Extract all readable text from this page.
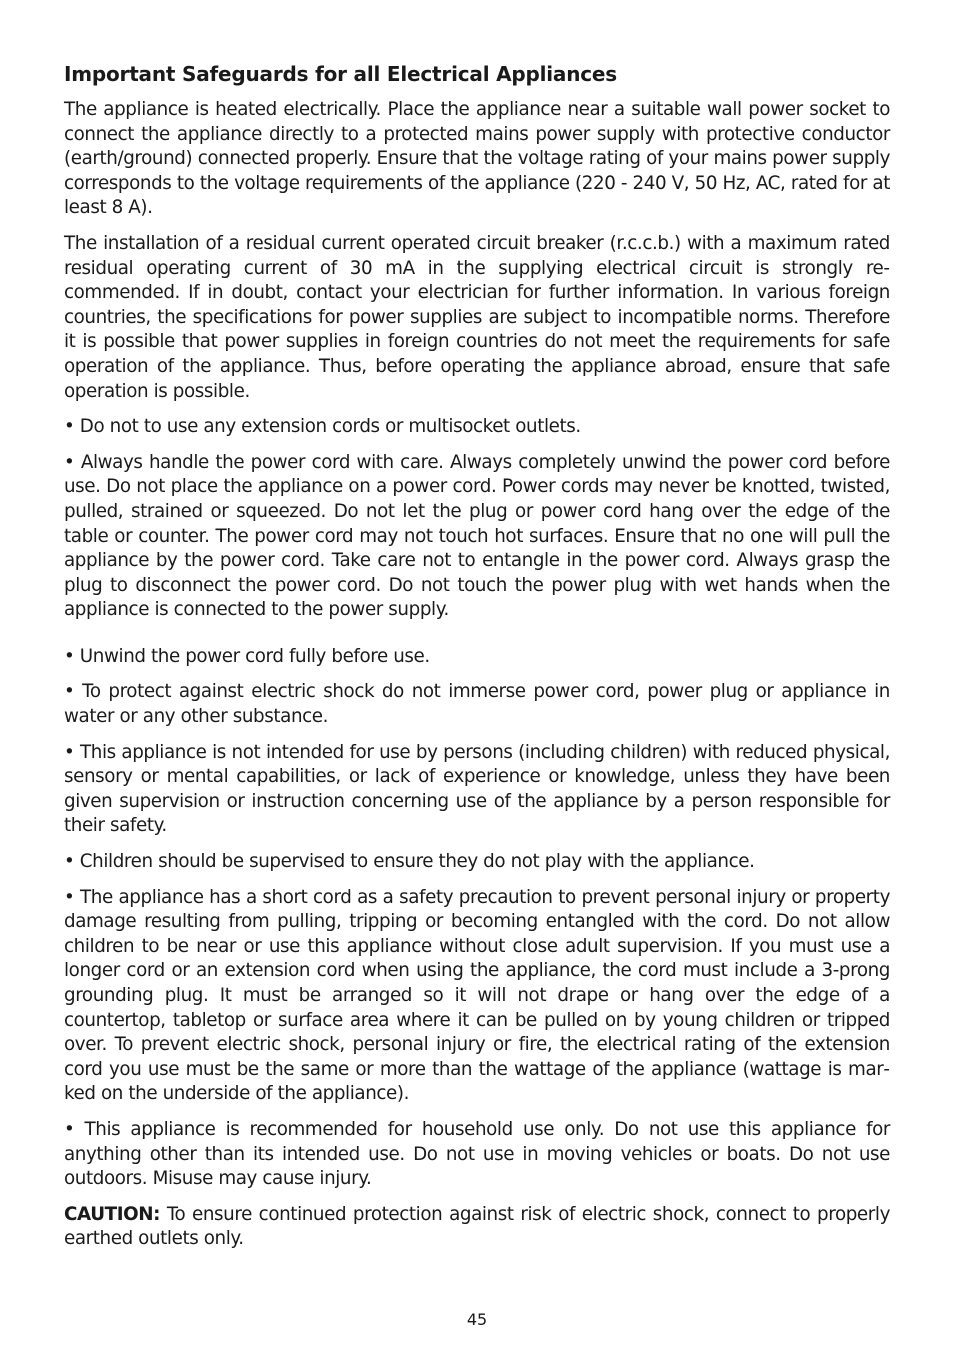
Important Safeguards for all Electrical Appliances

The appliance is heated electrically. Place the appliance near a suitable wall power socket to connect the appliance directly to a protected mains power supply with protective conductor (earth/ground) connected properly. Ensure that the voltage rating of your mains power supply corresponds to the voltage requirements of the appliance (220 - 240 V, 50 Hz, AC, rated for at least 8 A).

The installation of a residual current operated circuit breaker (r.c.c.b.) with a maximum rated residual operating current of 30 mA in the supplying electrical circuit is strongly recommended. If in doubt, contact your electrician for further information. In various foreign countries, the specifications for power supplies are subject to incompatible norms. Therefore it is possible that power supplies in foreign countries do not meet the requirements for safe operation of the appliance. Thus, before operating the appliance abroad, ensure that safe operation is possible.

• Do not to use any extension cords or multisocket outlets.

• Always handle the power cord with care. Always completely unwind the power cord before use. Do not place the appliance on a power cord. Power cords may never be knotted, twisted, pulled, strained or squeezed. Do not let the plug or power cord hang over the edge of the table or counter. The power cord may not touch hot surfaces. Ensure that no one will pull the appliance by the power cord. Take care not to entangle in the power cord. Always grasp the plug to disconnect the power cord. Do not touch the power plug with wet hands when the appliance is connected to the power supply.

• Unwind the power cord fully before use.

• To protect against electric shock do not immerse power cord, power plug or appliance in water or any other substance.

• This appliance is not intended for use by persons (including children) with reduced physical, sensory or mental capabilities, or lack of experience or knowledge, unless they have been given supervision or instruction concerning use of the appliance by a person responsible for their safety.

• Children should be supervised to ensure they do not play with the appliance.

• The appliance has a short cord as a safety precaution to prevent personal injury or property damage resulting from pulling, tripping or becoming entangled with the cord. Do not allow children to be near or use this appliance without close adult supervision. If you must use a longer cord or an extension cord when using the appliance, the cord must include a 3-prong grounding plug. It must be arranged so it will not drape or hang over the edge of a countertop, tabletop or surface area where it can be pulled on by young children or tripped over. To prevent electric shock, personal injury or fire, the electrical rating of the extension cord you use must be the same or more than the wattage of the appliance (wattage is marked on the underside of the appliance).

• This appliance is recommended for household use only. Do not use this appliance for anything other than its intended use. Do not use in moving vehicles or boats. Do not use outdoors. Misuse may cause injury.

CAUTION: To ensure continued protection against risk of electric shock, connect to properly earthed outlets only.

45
